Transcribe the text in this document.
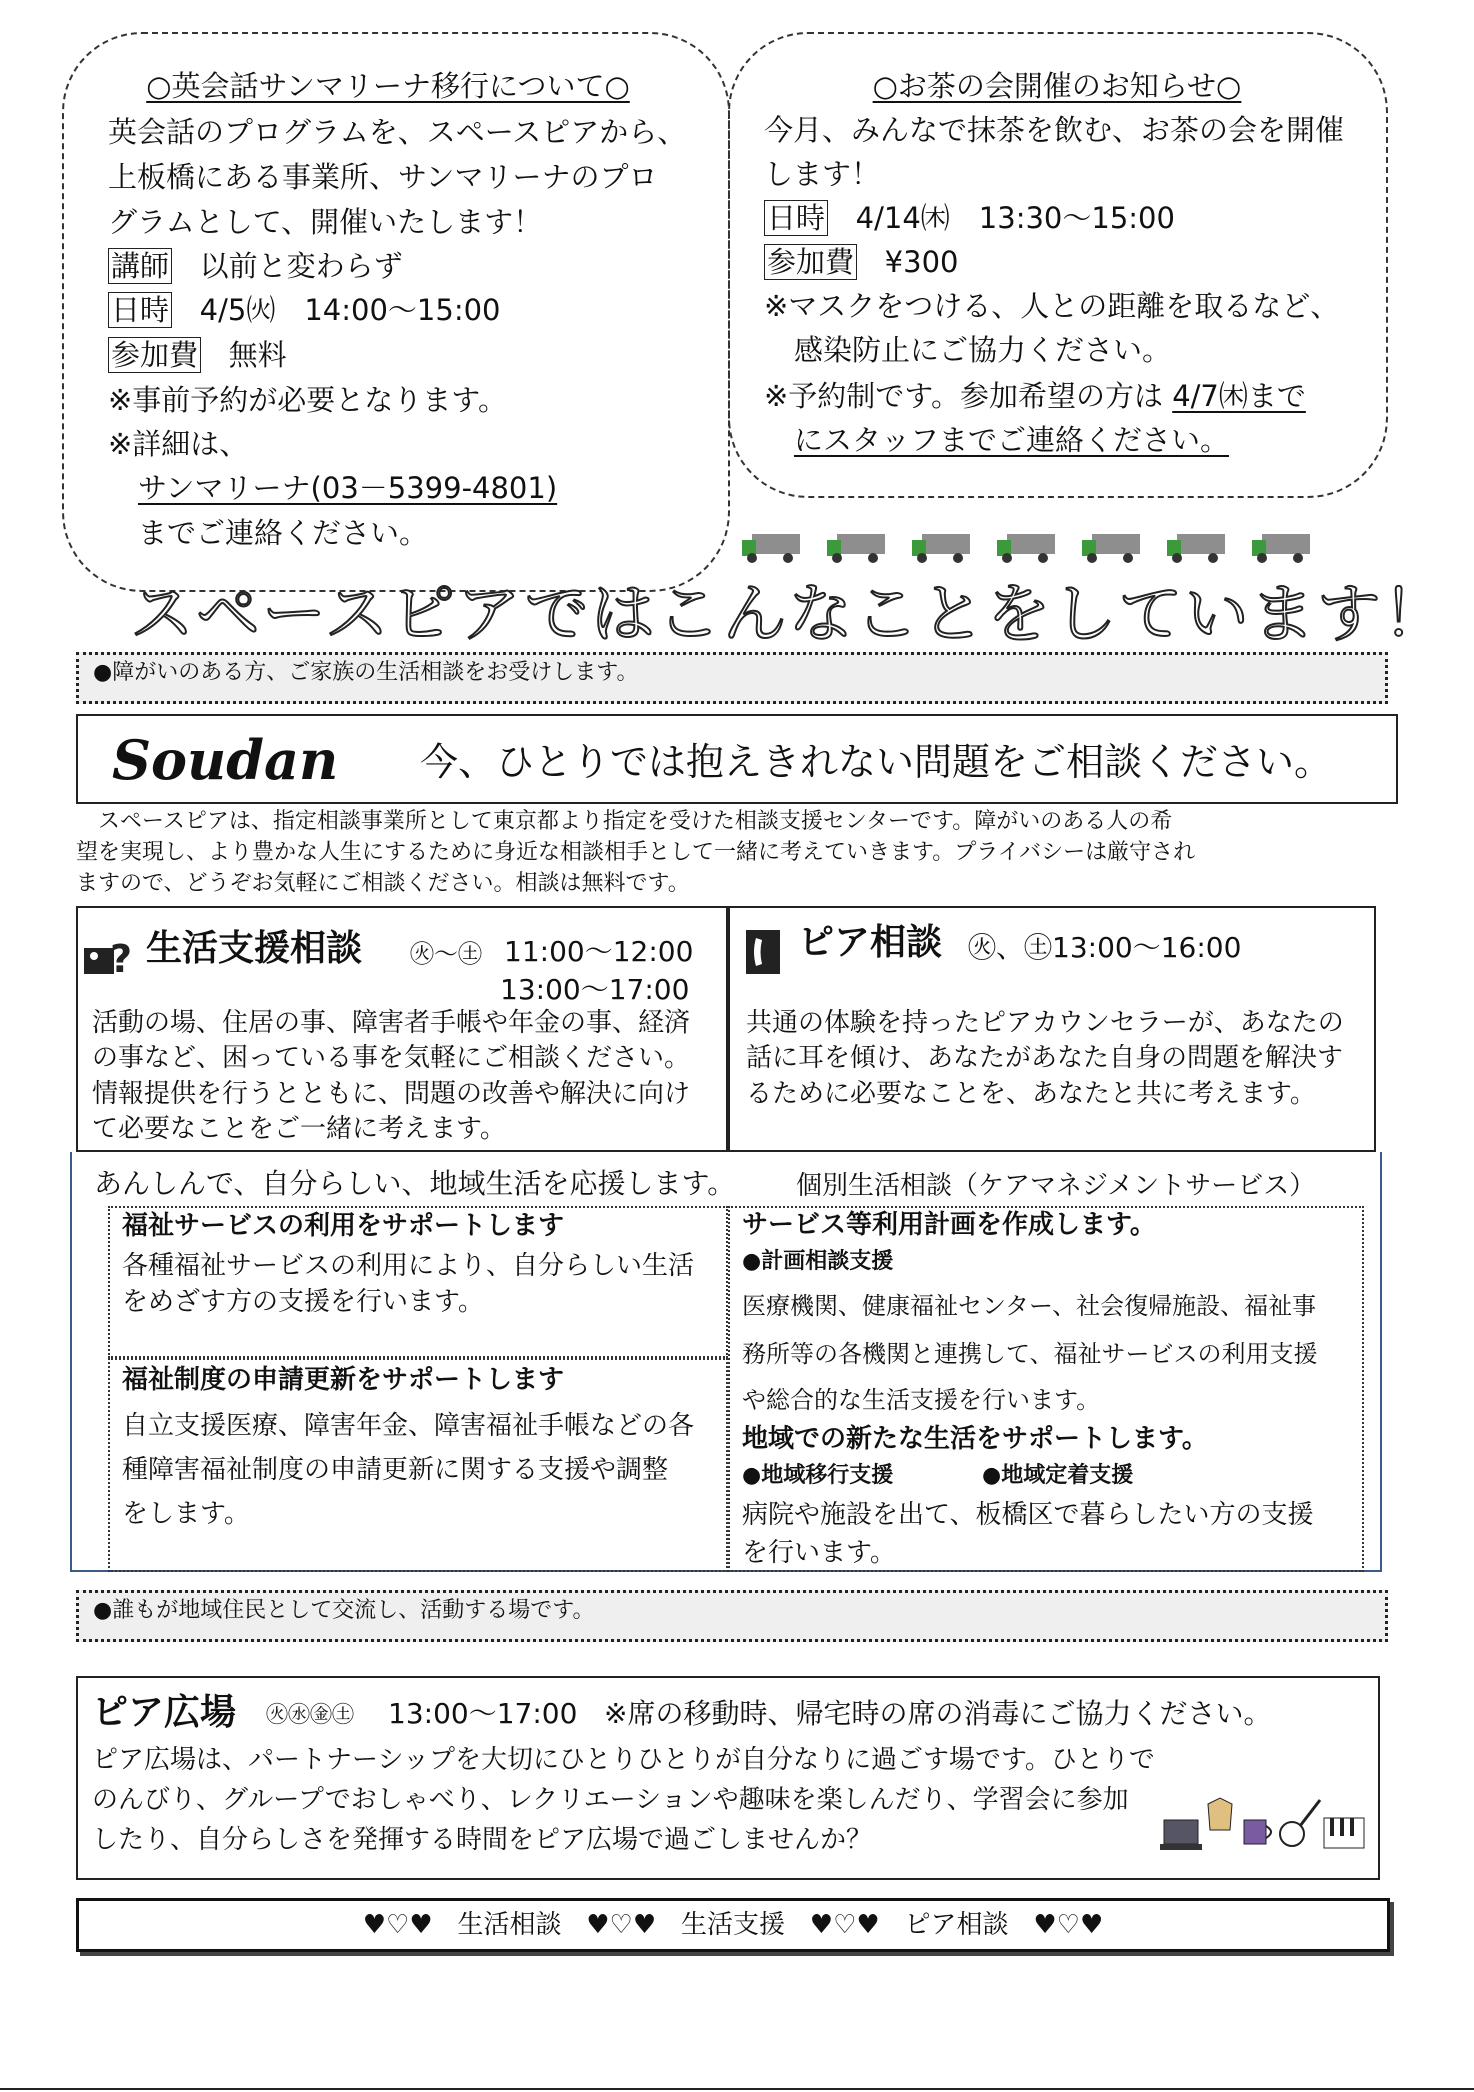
○英会話サンマリーナ移行について○
英会話のプログラムを、スペースピアから、
上板橋にある事業所、サンマリーナのプロ
グラムとして、開催いたします！
講師 以前と変わらず
日時 4/5㈫　14:00～15:00
参加費 無料
※事前予約が必要となります。
※詳細は、
サンマリーナ(03－5399-4801)
までご連絡ください。
○お茶の会開催のお知らせ○
今月、みんなで抹茶を飲む、お茶の会を開催
します！
日時 4/14㈭　13:30～15:00
参加費 ¥300
※マスクをつける、人との距離を取るなど、
感染防止にご協力ください。
※予約制です。参加希望の方は 4/7㈭まで
にスタッフまでご連絡ください。
スペースピアではこんなことをしています！
●障がいのある方、ご家族の生活相談をお受けします。
Soudan 今、ひとりでは抱えきれない問題をご相談ください。
　スペースピアは、指定相談事業所として東京都より指定を受けた相談支援センターです。障がいのある人の希
望を実現し、より豊かな人生にするために身近な相談相手として一緒に考えていきます。プライバシーは厳守され
ますので、どうぞお気軽にご相談ください。相談は無料です。
? 生活支援相談 ㊋～㊏ 11:00～12:00
13:00～17:00
活動の場、住居の事、障害者手帳や年金の事、経済
の事など、困っている事を気軽にご相談ください。
情報提供を行うとともに、問題の改善や解決に向け
て必要なことをご一緒に考えます。
ピア相談 ㊋、㊏13:00～16:00
共通の体験を持ったピアカウンセラーが、あなたの
話に耳を傾け、あなたがあなた自身の問題を解決す
るために必要なことを、あなたと共に考えます。
あんしんで、自分らしい、地域生活を応援します。 個別生活相談（ケアマネジメントサービス）
福祉サービスの利用をサポートします
各種福祉サービスの利用により、自分らしい生活
をめざす方の支援を行います。
福祉制度の申請更新をサポートします
自立支援医療、障害年金、障害福祉手帳などの各
種障害福祉制度の申請更新に関する支援や調整
をします。
サービス等利用計画を作成します。
●計画相談支援
医療機関、健康福祉センター、社会復帰施設、福祉事
務所等の各機関と連携して、福祉サービスの利用支援
や総合的な生活支援を行います。
地域での新たな生活をサポートします。
●地域移行支援	●地域定着支援
病院や施設を出て、板橋区で暮らしたい方の支援
を行います。
●誰もが地域住民として交流し、活動する場です。
ピア広場 ㊋㊌㊎㊏ 13:00～17:00 ※席の移動時、帰宅時の席の消毒にご協力ください。
ピア広場は、パートナーシップを大切にひとりひとりが自分なりに過ごす場です。ひとりで
のんびり、グループでおしゃべり、レクリエーションや趣味を楽しんだり、学習会に参加
したり、自分らしさを発揮する時間をピア広場で過ごしませんか？
♥♡♥ 生活相談 ♥♡♥ 生活支援 ♥♡♥ ピア相談 ♥♡♥
